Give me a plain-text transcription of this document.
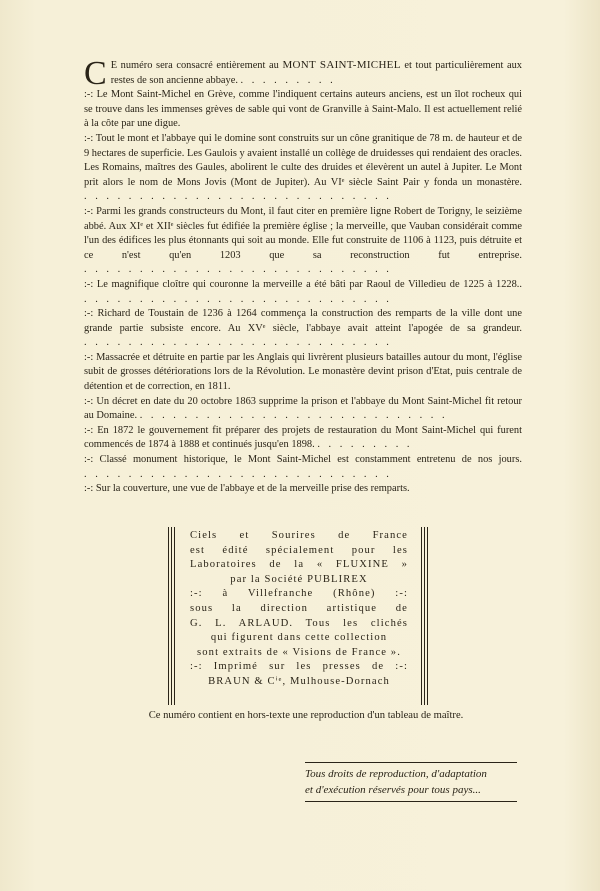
C E numéro sera consacré entièrement au MONT SAINT-MICHEL et tout particulièrement aux restes de son ancienne abbaye. . . . . . . . . .

:-: Le Mont Saint-Michel en Grève, comme l'indiquent certains auteurs anciens, est un îlot rocheux qui se trouve dans les immenses grèves de sable qui vont de Granville à Saint-Malo. Il est actuellement relié à la côte par une digue.

:-: Tout le mont et l'abbaye qui le domine sont construits sur un cône granitique de 78 m. de hauteur et de 9 hectares de superficie. Les Gaulois y avaient installé un collège de druidesses qui rendaient des oracles. Les Romains, maîtres des Gaules, abolirent le culte des druides et élevèrent un autel à Jupiter. Le Mont prit alors le nom de Mons Jovis (Mont de Jupiter). Au VIᵉ siècle Saint Pair y fonda un monastère. . . . . . . . . . . . . . . . . . . . . . . . . . . . .

:-: Parmi les grands constructeurs du Mont, il faut citer en première ligne Robert de Torigny, le seizième abbé. Aux XIᵉ et XIIᵉ siècles fut édifiée la première église ; la merveille, que Vauban considérait comme l'un des édifices les plus étonnants qui soit au monde. Elle fut construite de 1106 à 1123, puis détruite et ce n'est qu'en 1203 que sa reconstruction fut entreprise. . . . . . . . . . . . . . . . . . . . . . . . . . . . .

:-: Le magnifique cloître qui couronne la merveille a été bâti par Raoul de Villedieu de 1225 à 1228.. . . . . . . . . . . . . . . . . . . . . . . . . . . . .

:-: Richard de Toustain de 1236 à 1264 commença la construction des remparts de la ville dont une grande partie subsiste encore. Au XVᵉ siècle, l'abbaye avait atteint l'apogée de sa grandeur. . . . . . . . . . . . . . . . . . . . . . . . . . . . .

:-: Massacrée et détruite en partie par les Anglais qui livrèrent plusieurs batailles autour du mont, l'église subit de grosses détériorations lors de la Révolution. Le monastère devint prison d'Etat, puis centrale de détention et de correction, en 1811.

:-: Un décret en date du 20 octobre 1863 supprime la prison et l'abbaye du Mont Saint-Michel fit retour au Domaine. . . . . . . . . . . . . . . . . . . . . . . . . . . . .

:-: En 1872 le gouvernement fit préparer des projets de restauration du Mont Saint-Michel qui furent commencés de 1874 à 1888 et continués jusqu'en 1898. . . . . . . . . .

:-: Classé monument historique, le Mont Saint-Michel est constamment entretenu de nos jours. . . . . . . . . . . . . . . . . . . . . . . . . . . . .

:-: Sur la couverture, une vue de l'abbaye et de la merveille prise des remparts.

Ciels et Sourires de France
est édité spécialement pour les
Laboratoires de la « FLUXINE »
par la Société PUBLIREX
:-: à Villefranche (Rhône) :-:
sous la direction artistique de
G. L. ARLAUD. Tous les clichés
qui figurent dans cette collection
sont extraits de « Visions de France ».
:-: Imprimé sur les presses de :-:
BRAUN & Cⁱᵉ, Mulhouse-Dornach
Ce numéro contient en hors-texte une reproduction d'un tableau de maître.
Tous droits de reproduction, d'adaptation
et d'exécution réservés pour tous pays...
